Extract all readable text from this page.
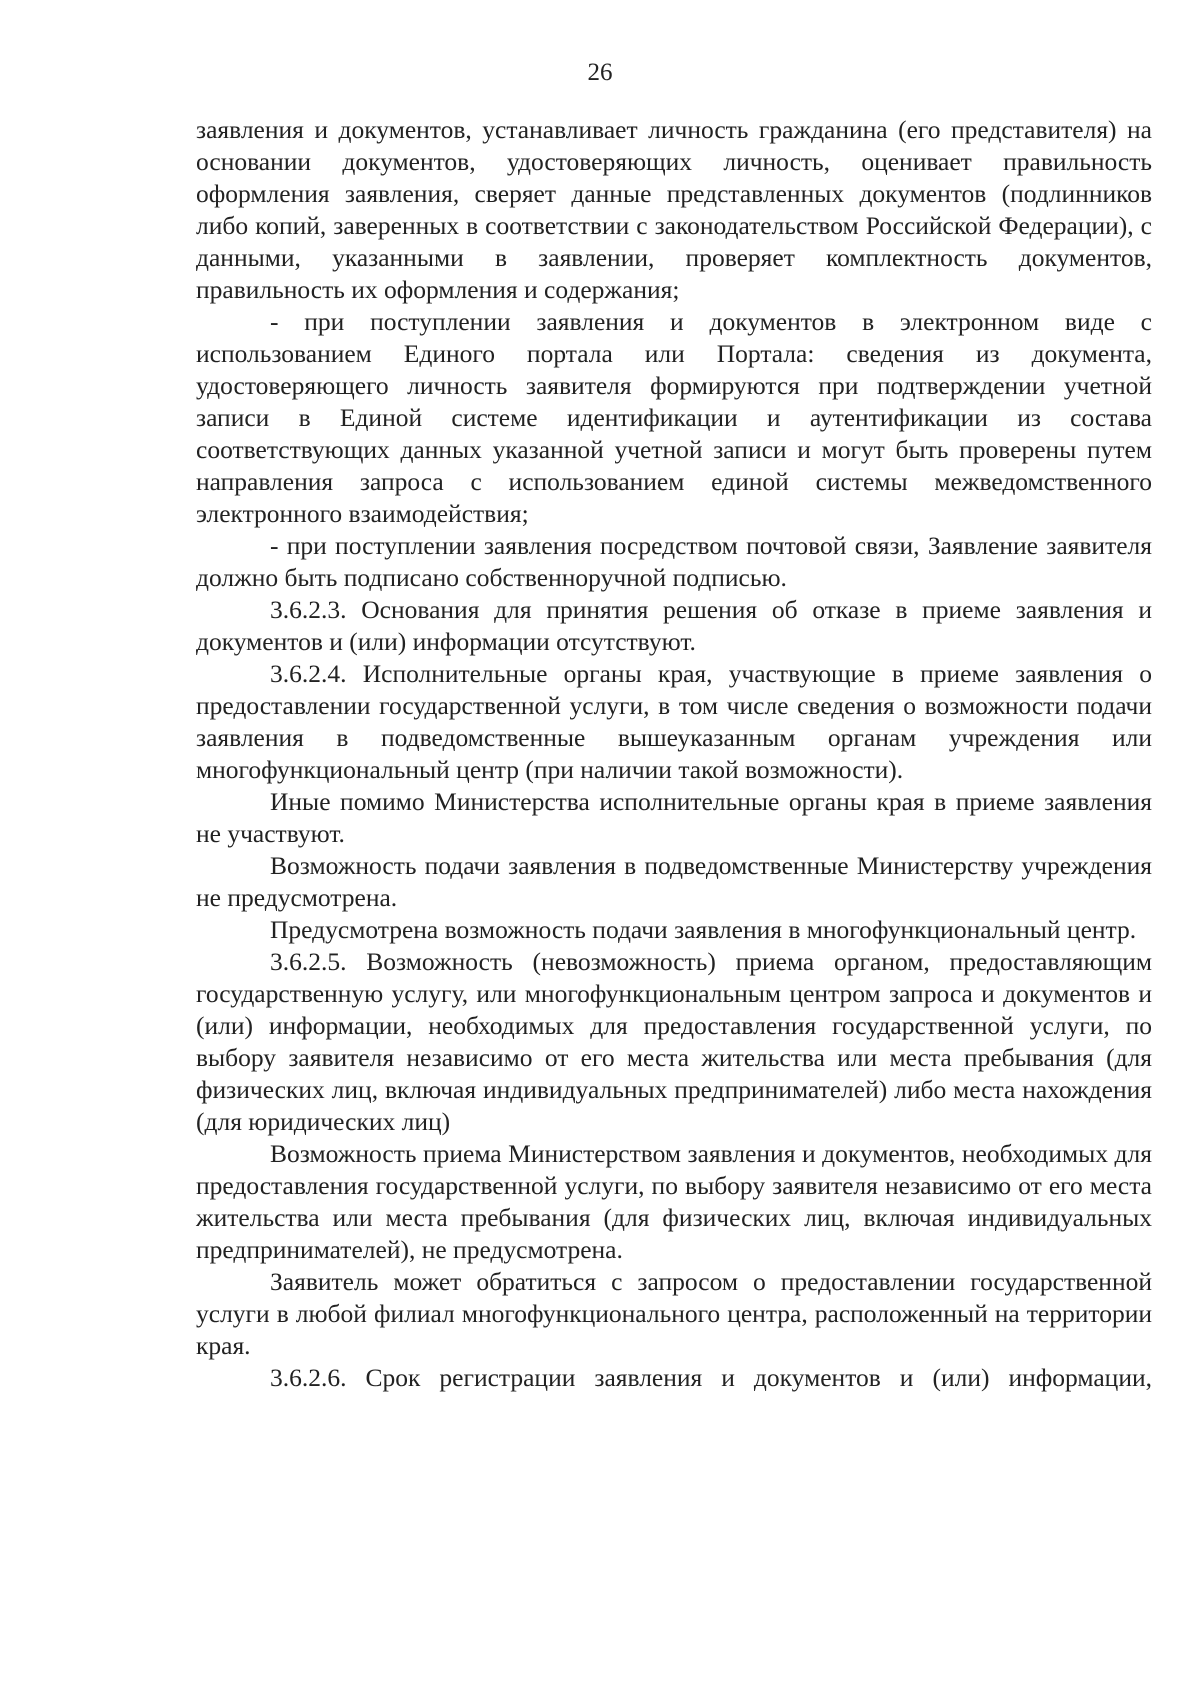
26

заявления и документов, устанавливает личность гражданина (его представителя) на основании документов, удостоверяющих личность, оценивает правильность оформления заявления, сверяет данные представленных документов (подлинников либо копий, заверенных в соответствии с законодательством Российской Федерации), с данными, указанными в заявлении, проверяет комплектность документов, правильность их оформления и содержания;

- при поступлении заявления и документов в электронном виде с использованием Единого портала или Портала: сведения из документа, удостоверяющего личность заявителя формируются при подтверждении учетной записи в Единой системе идентификации и аутентификации из состава соответствующих данных указанной учетной записи и могут быть проверены путем направления запроса с использованием единой системы межведомственного электронного взаимодействия;

- при поступлении заявления посредством почтовой связи, Заявление заявителя должно быть подписано собственноручной подписью.

3.6.2.3. Основания для принятия решения об отказе в приеме заявления и документов и (или) информации отсутствуют.

3.6.2.4. Исполнительные органы края, участвующие в приеме заявления о предоставлении государственной услуги, в том числе сведения о возможности подачи заявления в подведомственные вышеуказанным органам учреждения или многофункциональный центр (при наличии такой возможности).

Иные помимо Министерства исполнительные органы края в приеме заявления не участвуют.

Возможность подачи заявления в подведомственные Министерству учреждения не предусмотрена.

Предусмотрена возможность подачи заявления в многофункциональный центр.

3.6.2.5. Возможность (невозможность) приема органом, предоставляющим государственную услугу, или многофункциональным центром запроса и документов и (или) информации, необходимых для предоставления государственной услуги, по выбору заявителя независимо от его места жительства или места пребывания (для физических лиц, включая индивидуальных предпринимателей) либо места нахождения (для юридических лиц)

Возможность приема Министерством заявления и документов, необходимых для предоставления государственной услуги, по выбору заявителя независимо от его места жительства или места пребывания (для физических лиц, включая индивидуальных предпринимателей), не предусмотрена.

Заявитель может обратиться с запросом о предоставлении государственной услуги в любой филиал многофункционального центра, расположенный на территории края.

3.6.2.6. Срок регистрации заявления и документов и (или) информации,
